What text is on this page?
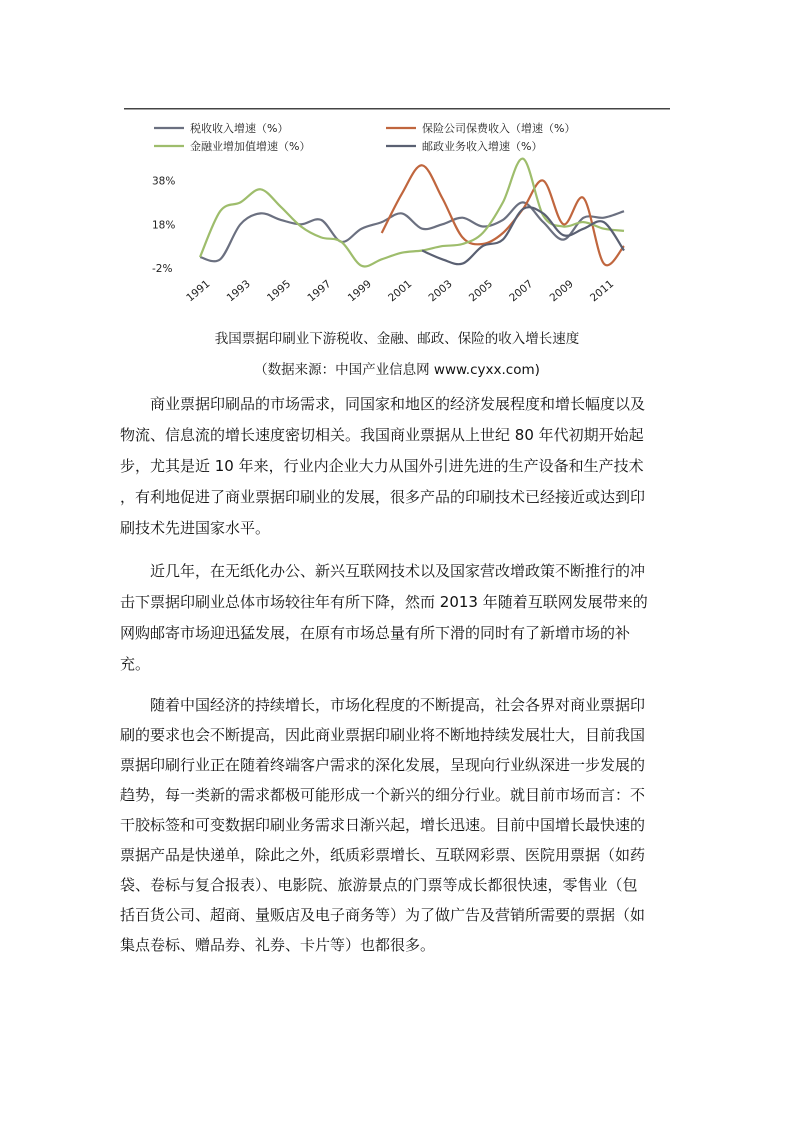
税收收入增速（%）	保险公司保费收入（增速（%）
金融业增加值增速（%）	邮政业务收入增速（%）
38%
18%
-2%
1991 1993 1995 1997 1999 2001 2003 2005 2007 2009 2011
我国票据印刷业下游税收、金融、邮政、保险的收入增长速度
（数据来源：中国产业信息网 www.cyxx.com)
　　商业票据印刷品的市场需求，同国家和地区的经济发展程度和增长幅度以及
物流、信息流的增长速度密切相关。我国商业票据从上世纪 80 年代初期开始起
步，尤其是近 10 年来，行业内企业大力从国外引进先进的生产设备和生产技术
，有利地促进了商业票据印刷业的发展，很多产品的印刷技术已经接近或达到印
刷技术先进国家水平。
　　近几年，在无纸化办公、新兴互联网技术以及国家营改增政策不断推行的冲
击下票据印刷业总体市场较往年有所下降，然而 2013 年随着互联网发展带来的
网购邮寄市场迎迅猛发展，在原有市场总量有所下滑的同时有了新增市场的补
充。
　　随着中国经济的持续增长，市场化程度的不断提高，社会各界对商业票据印
刷的要求也会不断提高，因此商业票据印刷业将不断地持续发展壮大，目前我国
票据印刷行业正在随着终端客户需求的深化发展，呈现向行业纵深进一步发展的
趋势，每一类新的需求都极可能形成一个新兴的细分行业。就目前市场而言：不
干胶标签和可变数据印刷业务需求日渐兴起，增长迅速。目前中国增长最快速的
票据产品是快递单，除此之外，纸质彩票增长、互联网彩票、医院用票据（如药
袋、卷标与复合报表）、电影院、旅游景点的门票等成长都很快速，零售业（包
括百货公司、超商、量贩店及电子商务等）为了做广告及营销所需要的票据（如
集点卷标、赠品券、礼券、卡片等）也都很多。
